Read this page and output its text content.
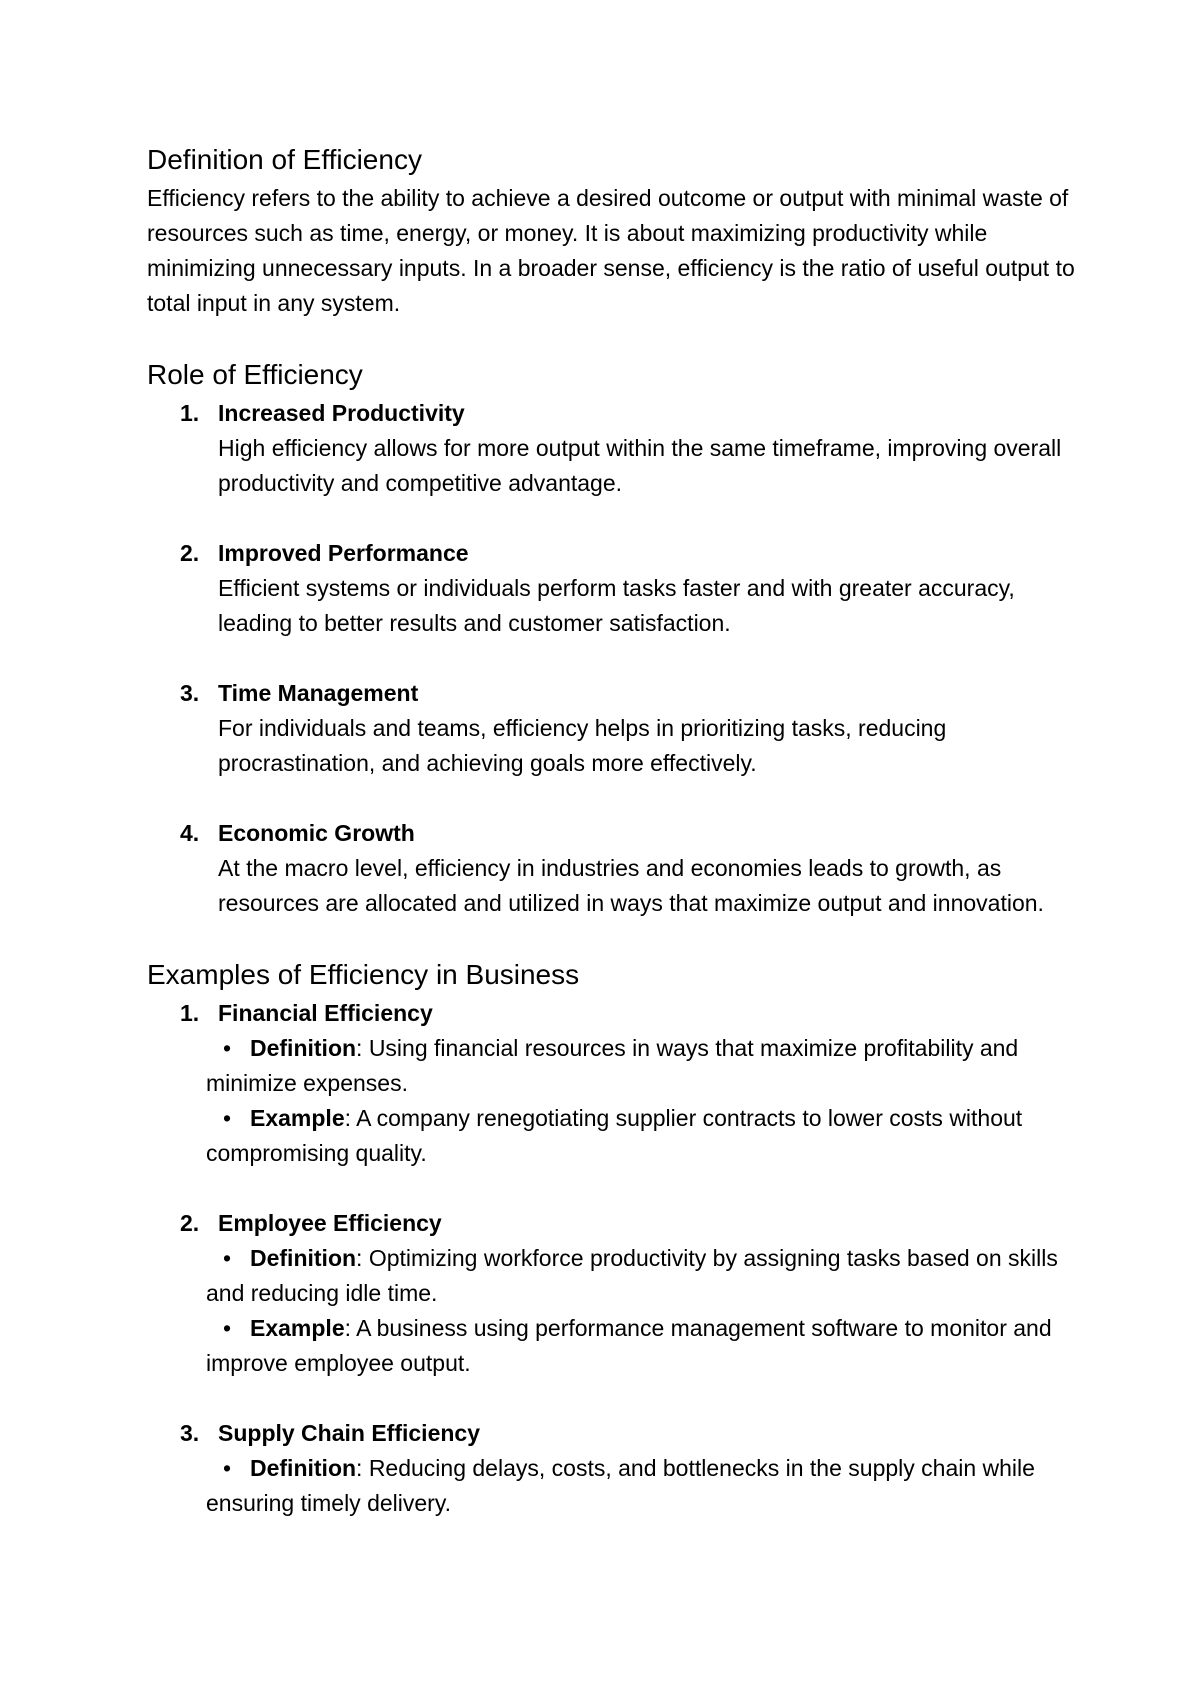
Definition of Efficiency

Efficiency refers to the ability to achieve a desired outcome or output with minimal waste of resources such as time, energy, or money. It is about maximizing productivity while minimizing unnecessary inputs. In a broader sense, efficiency is the ratio of useful output to total input in any system.

Role of Efficiency
1. Increased Productivity
High efficiency allows for more output within the same timeframe, improving overall productivity and competitive advantage.
2. Improved Performance
Efficient systems or individuals perform tasks faster and with greater accuracy, leading to better results and customer satisfaction.
3. Time Management
For individuals and teams, efficiency helps in prioritizing tasks, reducing procrastination, and achieving goals more effectively.
4. Economic Growth
At the macro level, efficiency in industries and economies leads to growth, as resources are allocated and utilized in ways that maximize output and innovation.
Examples of Efficiency in Business
1. Financial Efficiency
• Definition: Using financial resources in ways that maximize profitability and minimize expenses.
• Example: A company renegotiating supplier contracts to lower costs without compromising quality.
2. Employee Efficiency
• Definition: Optimizing workforce productivity by assigning tasks based on skills and reducing idle time.
• Example: A business using performance management software to monitor and improve employee output.
3. Supply Chain Efficiency
• Definition: Reducing delays, costs, and bottlenecks in the supply chain while ensuring timely delivery.
